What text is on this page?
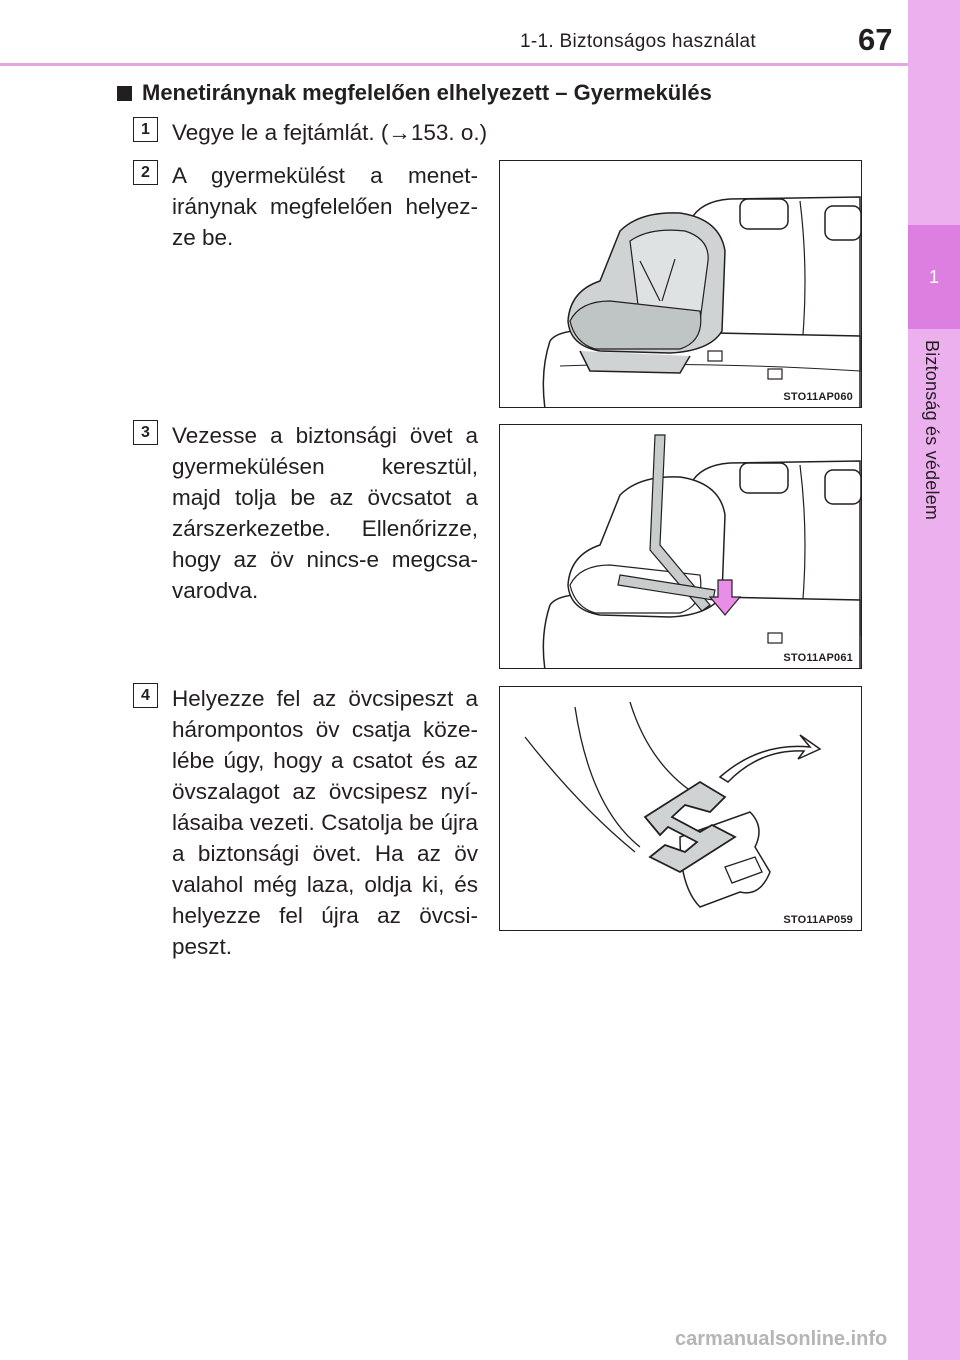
1-1. Biztonságos használat	67
1
Biztonság és védelem
Menetiránynak megfelelően elhelyezett – Gyermekülés
1 Vegye le a fejtámlát. (→153. o.)
2 A gyermekülést a menet-iránynak megfelelően helyez-ze be.
STO11AP060
3 Vezesse a biztonsági övet a gyermekülésen keresztül, majd tolja be az övcsatot a zárszerkezetbe. Ellenőrizze, hogy az öv nincs-e megcsa-varodva.
STO11AP061
4 Helyezze fel az övcsipeszt a hárompontos öv csatja köze-lébe úgy, hogy a csatot és az övszalagot az övcsipesz nyí-lásaiba vezeti. Csatolja be újra a biztonsági övet. Ha az öv valahol még laza, oldja ki, és helyezze fel újra az övcsi-peszt.
STO11AP059
carmanualsonline.info
